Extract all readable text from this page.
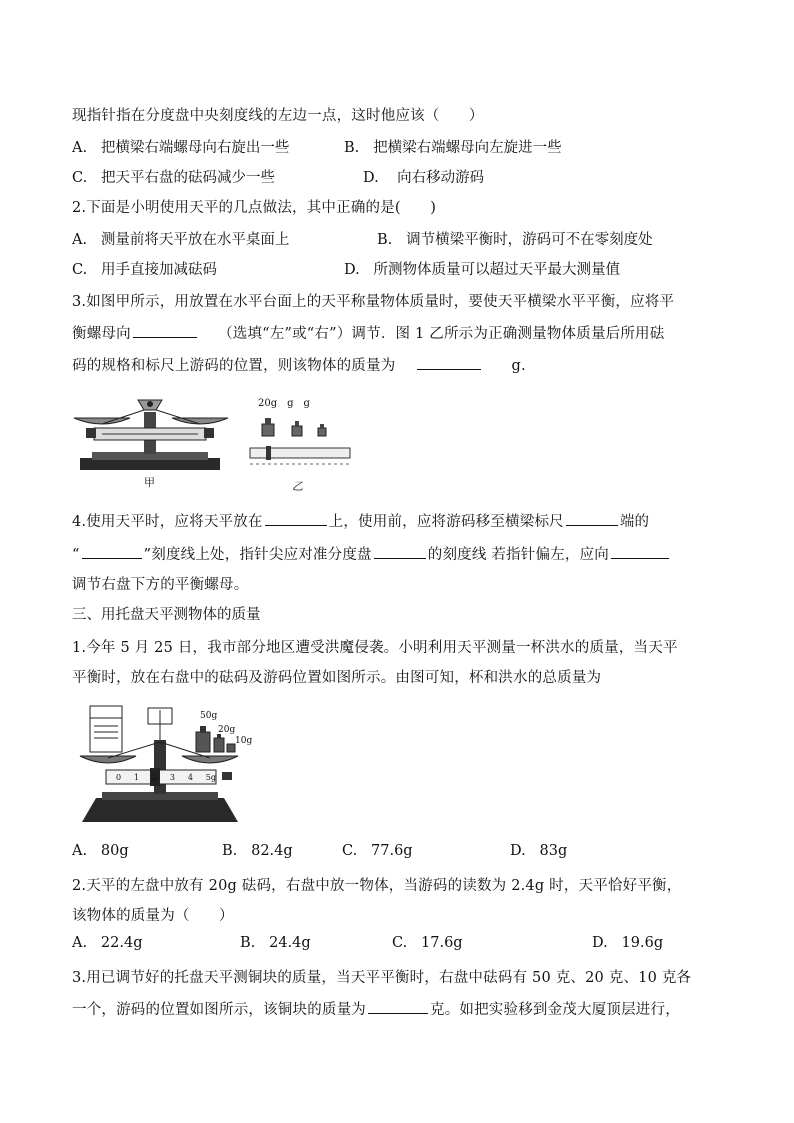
现指针指在分度盘中央刻度线的左边一点，这时他应该（　　）
A. 把横梁右端螺母向右旋出一些	B. 把横梁右端螺母向左旋进一些
C. 把天平右盘的砝码减少一些	D. 向右移动游码
2.下面是小明使用天平的几点做法，其中正确的是(　　)
A. 测量前将天平放在水平桌面上	B. 调节横梁平衡时，游码可不在零刻度处
C. 用手直接加减砝码	D. 所测物体质量可以超过天平最大测量值
3.如图甲所示，用放置在水平台面上的天平称量物体质量时，要使天平横梁水平平衡，应将平
衡螺母向	（选填“左”或“右”）调节．图 1 乙所示为正确测量物体质量后所用砝
码的规格和标尺上游码的位置，则该物体的质量为	g.
甲
20g　g　g
乙
4.使用天平时，应将天平放在	上，使用前，应将游码移至横梁标尺	端的
“	”刻度线上处，指针尖应对准分度盘	的刻度线 若指针偏左，应向
调节右盘下方的平衡螺母。
三、用托盘天平测物体的质量
1.今年 5 月 25 日，我市部分地区遭受洪魔侵袭。小明利用天平测量一杯洪水的质量，当天平
平衡时，放在右盘中的砝码及游码位置如图所示。由图可知，杯和洪水的总质量为
50g
20g
10g
0 1 2 3 4 5g
A. 80g	B. 82.4g	C. 77.6g	D. 83g
2.天平的左盘中放有 20g 砝码，右盘中放一物体，当游码的读数为 2.4g 时，天平恰好平衡，
该物体的质量为（　　）
A. 22.4g	B. 24.4g	C. 17.6g	D. 19.6g
3.用已调节好的托盘天平测铜块的质量，当天平平衡时，右盘中砝码有 50 克、20 克、10 克各
一个，游码的位置如图所示，该铜块的质量为	克。如把实验移到金茂大厦顶层进行，
